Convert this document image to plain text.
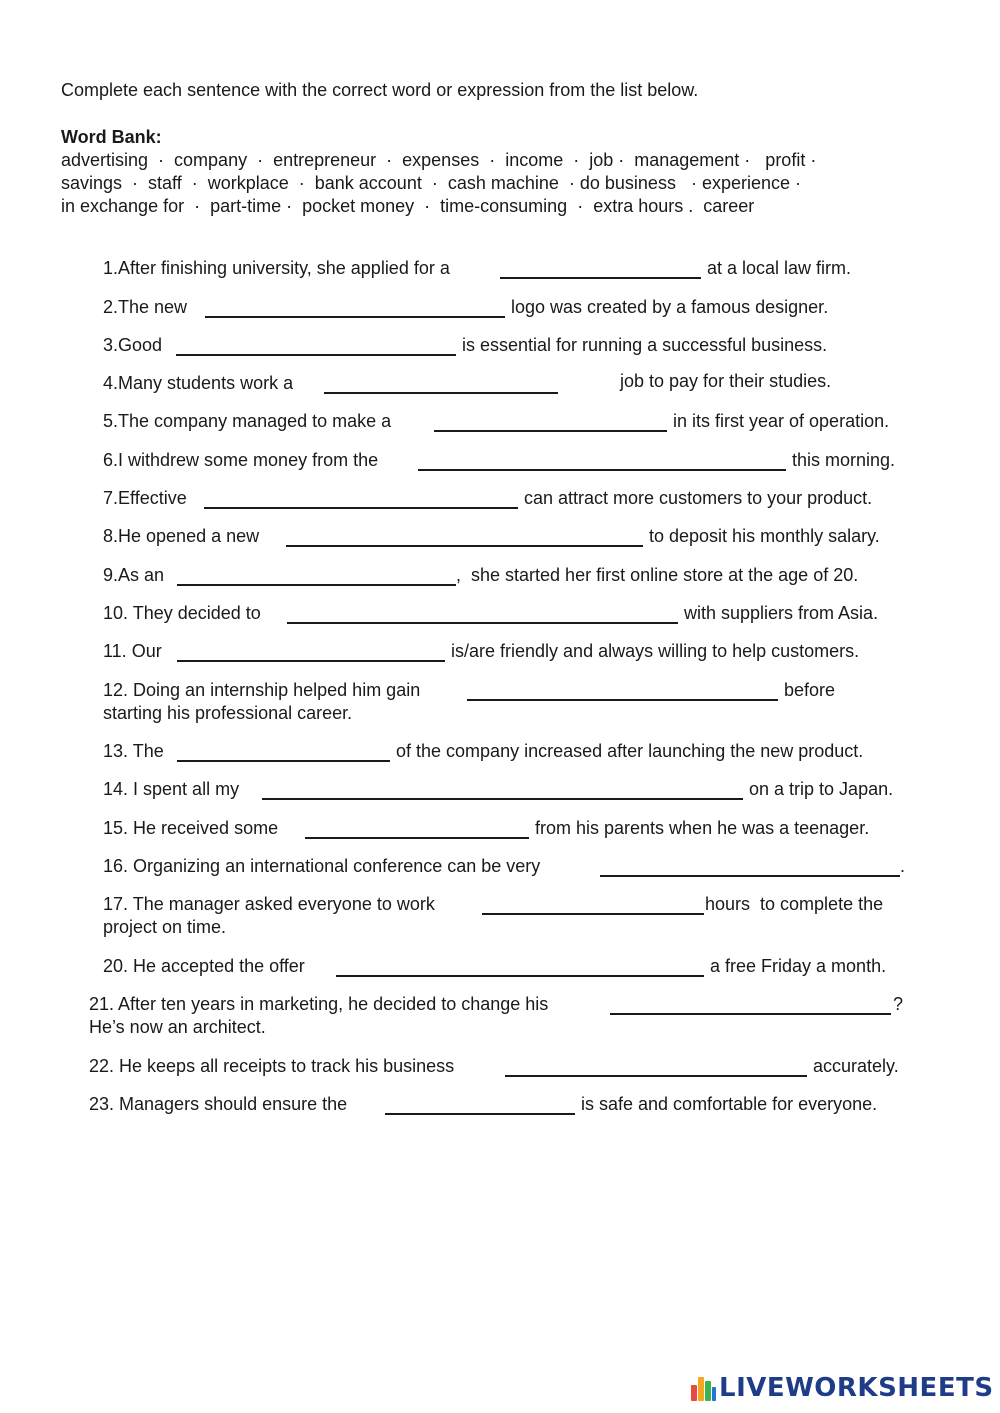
Complete each sentence with the correct word or expression from the list below.
Word Bank:
advertising  ·  company  ·  entrepreneur  ·  expenses  ·  income  ·  job ·  management ·   profit ·
savings  ·  staff  ·  workplace  ·  bank account  ·  cash machine  · do business   · experience ·
in exchange for  ·  part-time ·  pocket money  ·  time-consuming  ·  extra hours .  career
1.After finishing university, she applied for a	at a local law firm.
2.The new	logo was created by a famous designer.
3.Good	is essential for running a successful business.
4.Many students work a	job to pay for their studies.
5.The company managed to make a	in its first year of operation.
6.I withdrew some money from the	this morning.
7.Effective	can attract more customers to your product.
8.He opened a new	to deposit his monthly salary.
9.As an	,  she started her first online store at the age of 20.
10. They decided to	with suppliers from Asia.
11. Our	is/are friendly and always willing to help customers.
12. Doing an internship helped him gain	before
starting his professional career.
13. The	of the company increased after launching the new product.
14. I spent all my	on a trip to Japan.
15. He received some	from his parents when he was a teenager.
16. Organizing an international conference can be very	.
17. The manager asked everyone to work	hours  to complete the
project on time.
20. He accepted the offer	a free Friday a month.
21. After ten years in marketing, he decided to change his	?
He’s now an architect.
22. He keeps all receipts to track his business	accurately.
23. Managers should ensure the	is safe and comfortable for everyone.
LIVEWORKSHEETS
